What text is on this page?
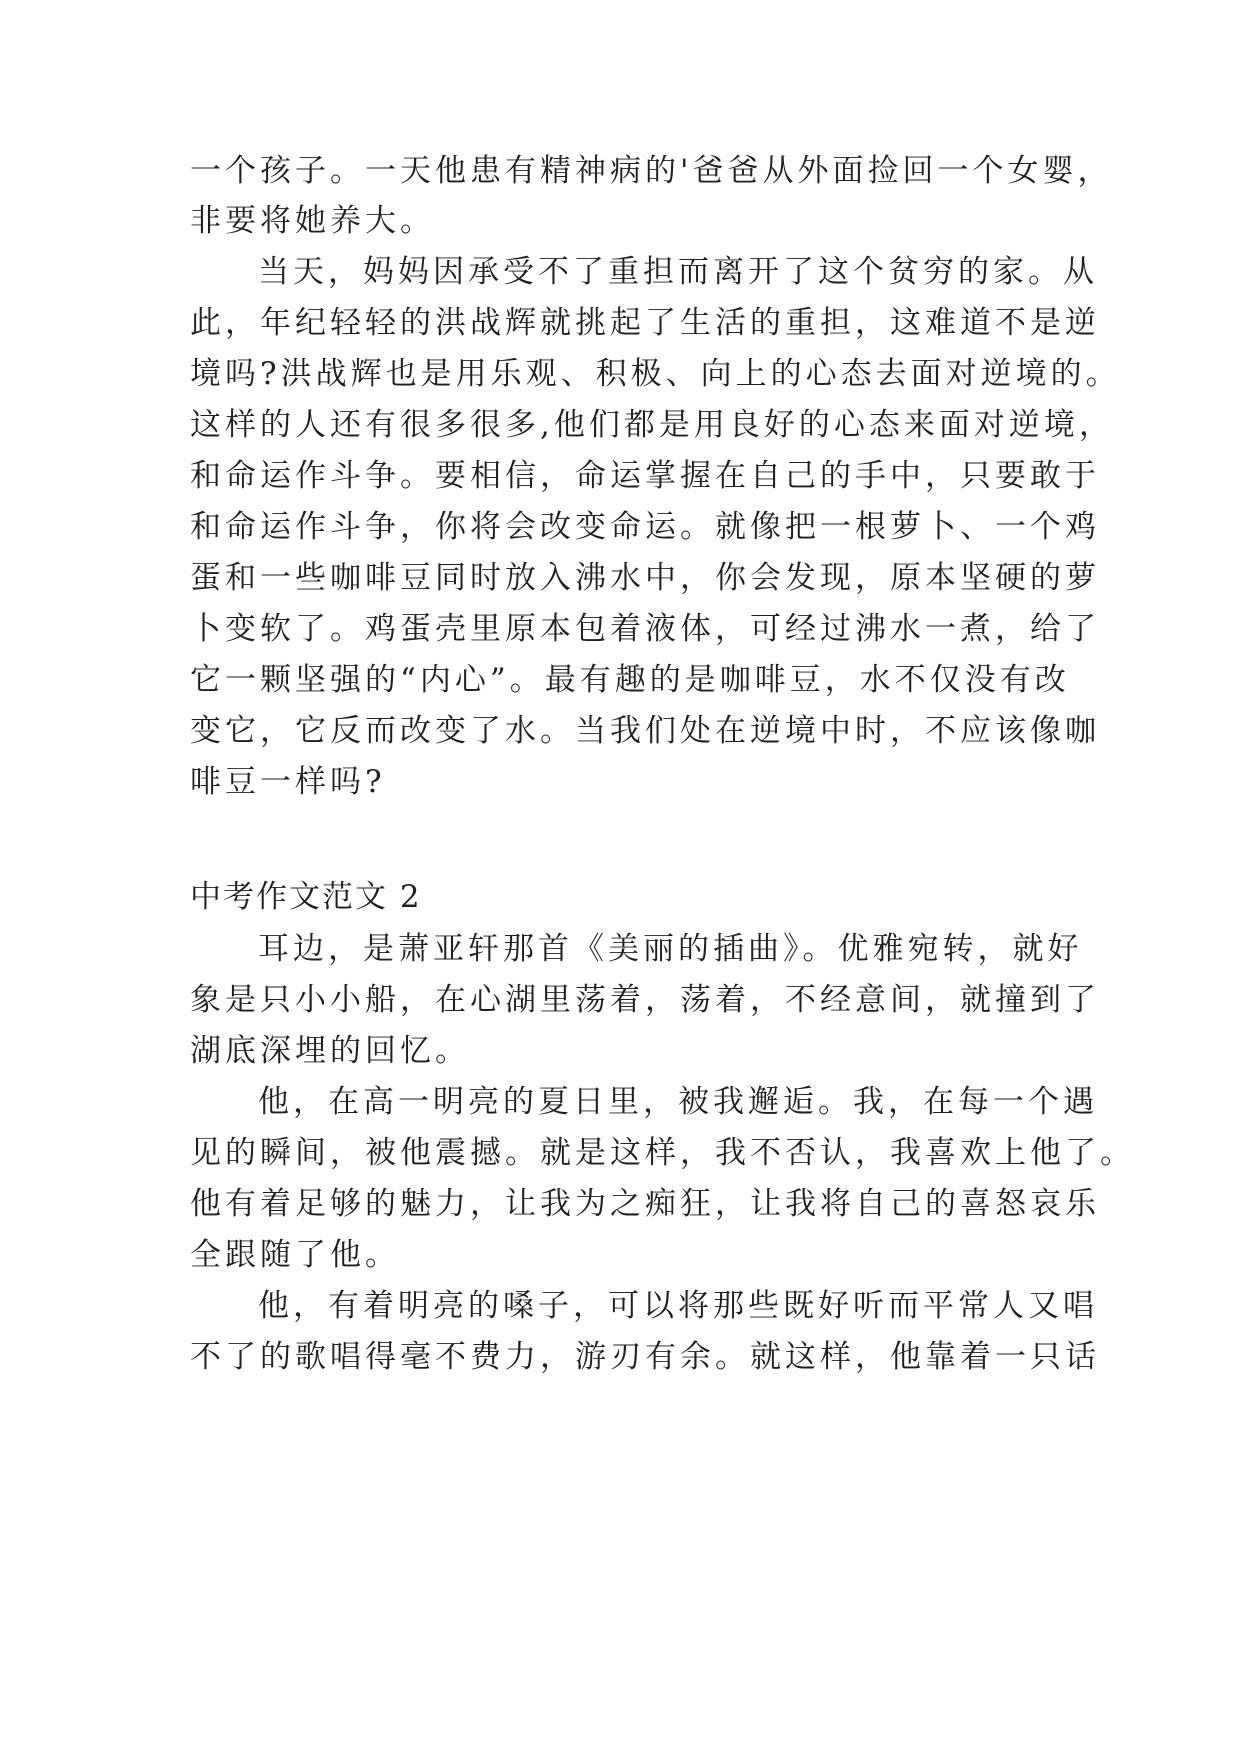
一个孩子。一天他患有精神病的'爸爸从外面捡回一个女婴，
非要将她养大。
当天，妈妈因承受不了重担而离开了这个贫穷的家。从
此，年纪轻轻的洪战辉就挑起了生活的重担，这难道不是逆
境吗?洪战辉也是用乐观、积极、向上的心态去面对逆境的。
这样的人还有很多很多,他们都是用良好的心态来面对逆境，
和命运作斗争。要相信，命运掌握在自己的手中，只要敢于
和命运作斗争，你将会改变命运。就像把一根萝卜、一个鸡
蛋和一些咖啡豆同时放入沸水中，你会发现，原本坚硬的萝
卜变软了。鸡蛋壳里原本包着液体，可经过沸水一煮，给了
它一颗坚强的“内心”。最有趣的是咖啡豆，水不仅没有改
变它，它反而改变了水。当我们处在逆境中时，不应该像咖
啡豆一样吗?
中考作文范文 2
耳边，是萧亚轩那首《美丽的插曲》。优雅宛转，就好
象是只小小船，在心湖里荡着，荡着，不经意间，就撞到了
湖底深埋的回忆。
他，在高一明亮的夏日里，被我邂逅。我，在每一个遇
见的瞬间，被他震撼。就是这样，我不否认，我喜欢上他了。
他有着足够的魅力，让我为之痴狂，让我将自己的喜怒哀乐
全跟随了他。
他，有着明亮的嗓子，可以将那些既好听而平常人又唱
不了的歌唱得毫不费力，游刃有余。就这样，他靠着一只话
